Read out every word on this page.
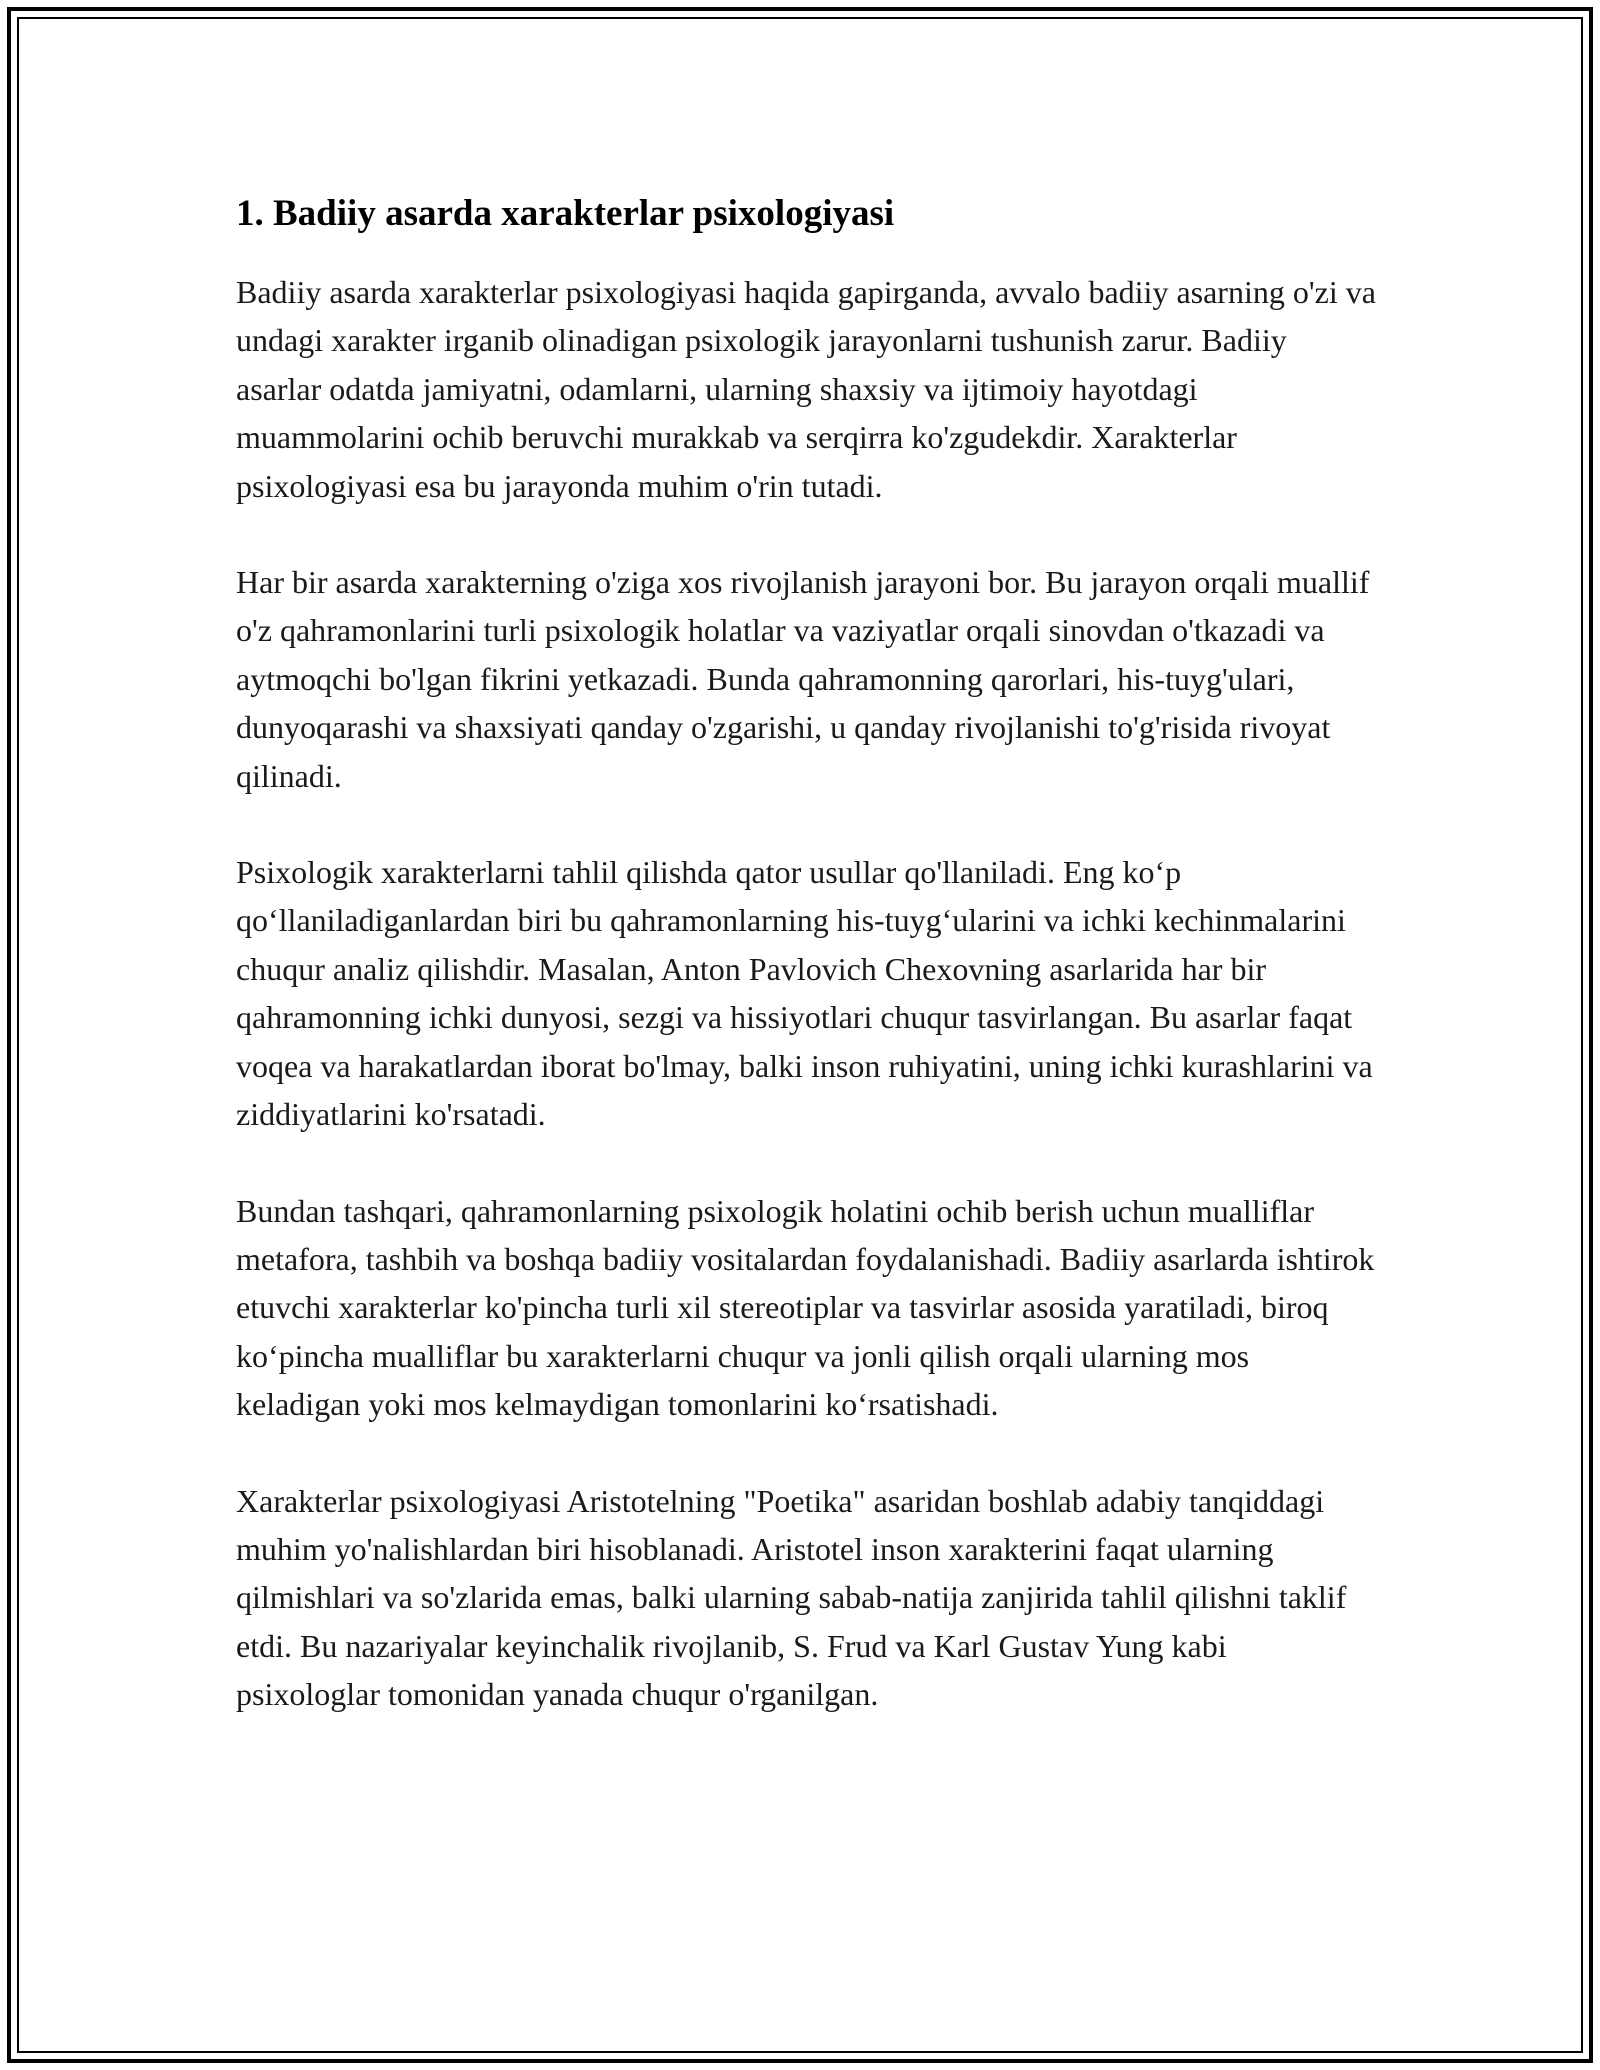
1. Badiiy asarda xarakterlar psixologiyasi

Badiiy asarda xarakterlar psixologiyasi haqida gapirganda, avvalo badiiy asarning o'zi va undagi xarakter irganib olinadigan psixologik jarayonlarni tushunish zarur. Badiiy asarlar odatda jamiyatni, odamlarni, ularning shaxsiy va ijtimoiy hayotdagi muammolarini ochib beruvchi murakkab va serqirra ko'zgudekdir. Xarakterlar psixologiyasi esa bu jarayonda muhim o'rin tutadi.

Har bir asarda xarakterning o'ziga xos rivojlanish jarayoni bor. Bu jarayon orqali muallif o'z qahramonlarini turli psixologik holatlar va vaziyatlar orqali sinovdan o'tkazadi va aytmoqchi bo'lgan fikrini yetkazadi. Bunda qahramonning qarorlari, his-tuyg'ulari, dunyoqarashi va shaxsiyati qanday o'zgarishi, u qanday rivojlanishi to'g'risida rivoyat qilinadi.

Psixologik xarakterlarni tahlil qilishda qator usullar qo'llaniladi. Eng ko‘p qo‘llaniladiganlardan biri bu qahramonlarning his-tuyg‘ularini va ichki kechinmalarini chuqur analiz qilishdir. Masalan, Anton Pavlovich Chexovning asarlarida har bir qahramonning ichki dunyosi, sezgi va hissiyotlari chuqur tasvirlangan. Bu asarlar faqat voqea va harakatlardan iborat bo'lmay, balki inson ruhiyatini, uning ichki kurashlarini va ziddiyatlarini ko'rsatadi.

Bundan tashqari, qahramonlarning psixologik holatini ochib berish uchun mualliflar metafora, tashbih va boshqa badiiy vositalardan foydalanishadi. Badiiy asarlarda ishtirok etuvchi xarakterlar ko'pincha turli xil stereotiplar va tasvirlar asosida yaratiladi, biroq ko‘pincha mualliflar bu xarakterlarni chuqur va jonli qilish orqali ularning mos keladigan yoki mos kelmaydigan tomonlarini ko‘rsatishadi.

Xarakterlar psixologiyasi Aristotelning "Poetika" asaridan boshlab adabiy tanqiddagi muhim yo'nalishlardan biri hisoblanadi. Aristotel inson xarakterini faqat ularning qilmishlari va so'zlarida emas, balki ularning sabab-natija zanjirida tahlil qilishni taklif etdi. Bu nazariyalar keyinchalik rivojlanib, S. Frud va Karl Gustav Yung kabi psixologlar tomonidan yanada chuqur o'rganilgan.
